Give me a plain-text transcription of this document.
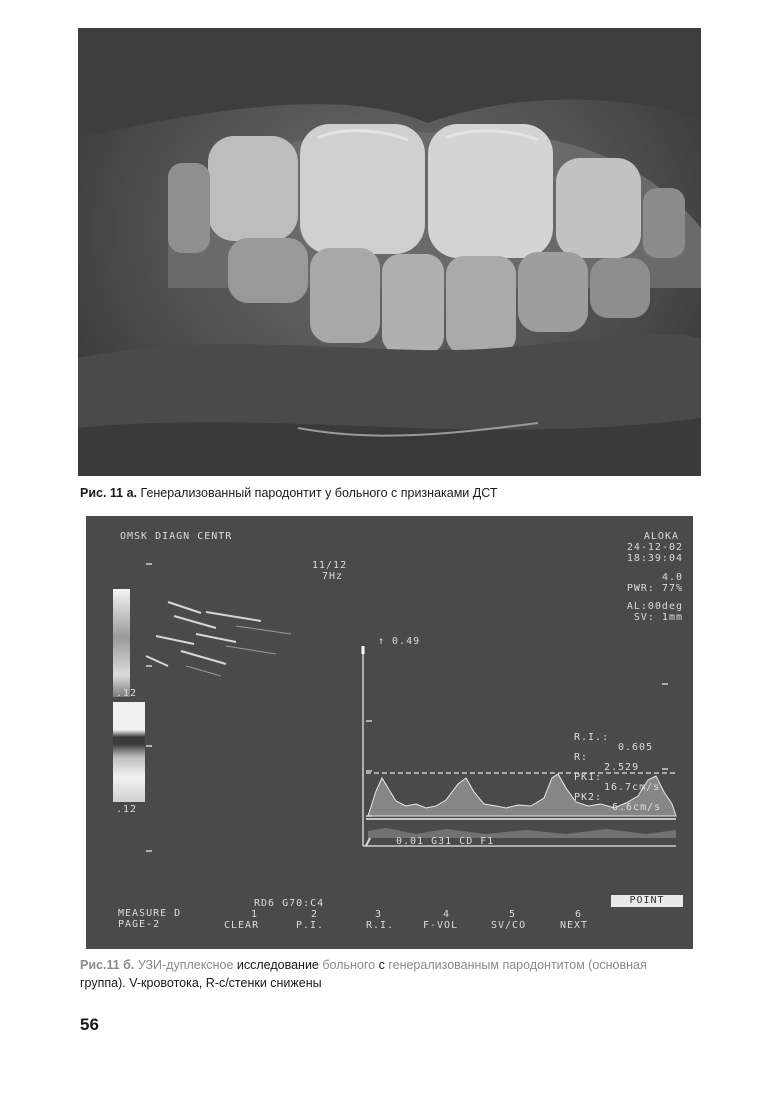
Рис. 11 а. Генерализованный пародонтит у больного с признаками ДСТ
OMSK DIAGN CENTR	ALOKA
24-12-02
18:39:04
4.0
PWR: 77%
AL:00deg
SV: 1mm
11/12
7Hz
.12
.12
↑ 0.49
R.I.:
0.605
R:
2.529
PK1:
16.7cm/s
PK2:
6.6cm/s
0.01 G31 CD F1
POINT
RD6 G70:C4
MEASURE D
PAGE-2
1
CLEAR
2
P.I.
3
R.I.
4
F-VOL
5
SV/CO
6
NEXT
Рис.11 б. УЗИ-дуплексное исследование больного с генерализованным пародонтитом (основная
группа). V-кровотока, R-с/стенки снижены
56
